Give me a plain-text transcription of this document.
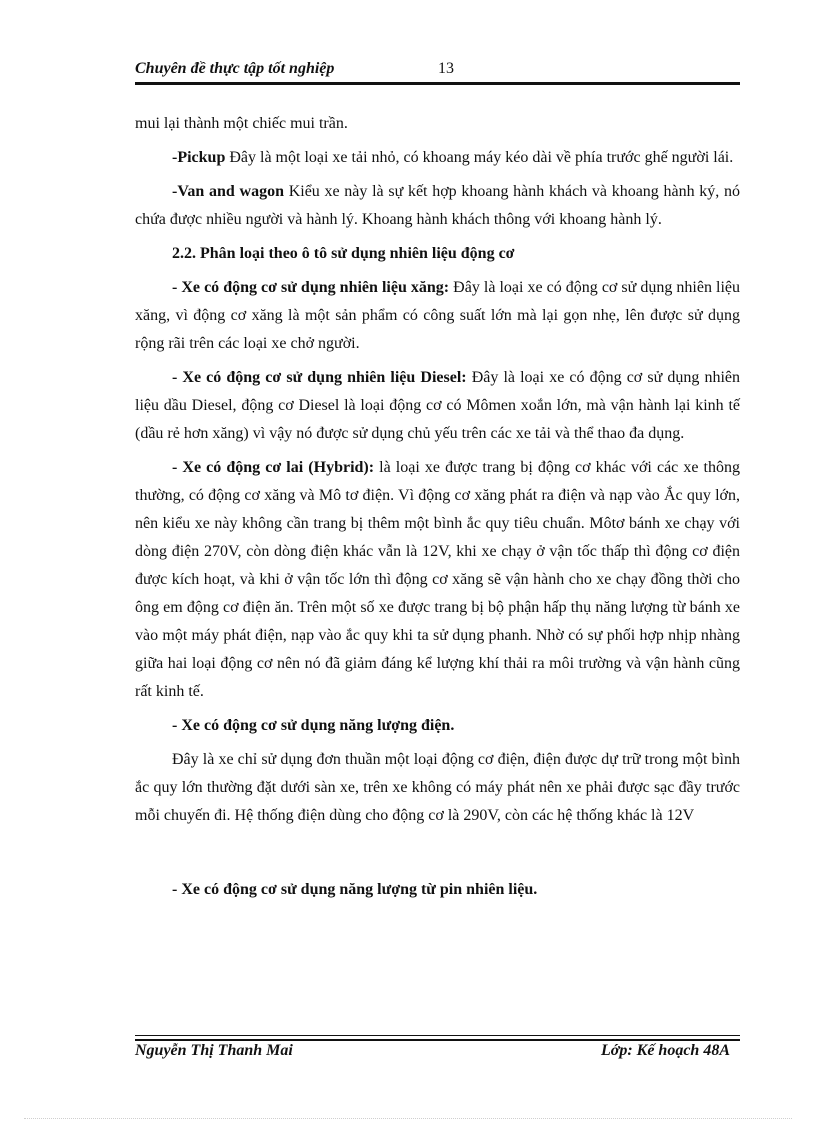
Chuyên đề thực tập tốt nghiệp	13

mui lại thành một chiếc mui trần.

-Pickup Đây là một loại xe tải nhỏ, có khoang máy kéo dài về phía trước ghế người lái.

-Van and wagon Kiểu xe này là sự kết hợp khoang hành khách và khoang hành ký, nó chứa được nhiều người và hành lý. Khoang hành khách thông với khoang hành lý.

2.2. Phân loại theo ô tô sử dụng nhiên liệu động cơ

- Xe có động cơ sử dụng nhiên liệu xăng: Đây là loại xe có động cơ sử dụng nhiên liệu xăng, vì động cơ xăng là một sản phẩm có công suất lớn mà lại gọn nhẹ, lên được sử dụng rộng rãi trên các loại xe chở người.

- Xe có động cơ sử dụng nhiên liệu Diesel: Đây là loại xe có động cơ sử dụng nhiên liệu dầu Diesel, động cơ Diesel là loại động cơ có Mômen xoắn lớn, mà vận hành lại kinh tế (dầu rẻ hơn xăng) vì vậy nó được sử dụng chủ yếu trên các xe tải và thể thao đa dụng.

- Xe có động cơ lai (Hybrid): là loại xe được trang bị động cơ khác với các xe thông thường, có động cơ xăng và Mô tơ điện. Vì động cơ xăng phát ra điện và nạp vào Ắc quy lớn, nên kiểu xe này không cần trang bị thêm một bình ắc quy tiêu chuẩn. Môtơ bánh xe chạy với dòng điện 270V, còn dòng điện khác vẫn là 12V, khi xe chạy ở vận tốc thấp thì động cơ điện được kích hoạt, và khi ở vận tốc lớn thì động cơ xăng sẽ vận hành cho xe chạy đồng thời cho ông em động cơ điện ăn. Trên một số xe được trang bị bộ phận hấp thụ năng lượng từ bánh xe vào một máy phát điện, nạp vào ắc quy khi ta sử dụng phanh. Nhờ có sự phối hợp nhịp nhàng giữa hai loại động cơ nên nó đã giảm đáng kể lượng khí thải ra môi trường và vận hành cũng rất kinh tế.

- Xe có động cơ sử dụng năng lượng điện.

Đây là xe chỉ sử dụng đơn thuần một loại động cơ điện, điện được dự trữ trong một bình ắc quy lớn thường đặt dưới sàn xe, trên xe không có máy phát nên xe phải được sạc đầy trước mỗi chuyến đi. Hệ thống điện dùng cho động cơ là 290V, còn các hệ thống khác là 12V

- Xe có động cơ sử dụng năng lượng từ pin nhiên liệu.

Nguyễn Thị Thanh Mai	Lớp: Kế hoạch 48A
